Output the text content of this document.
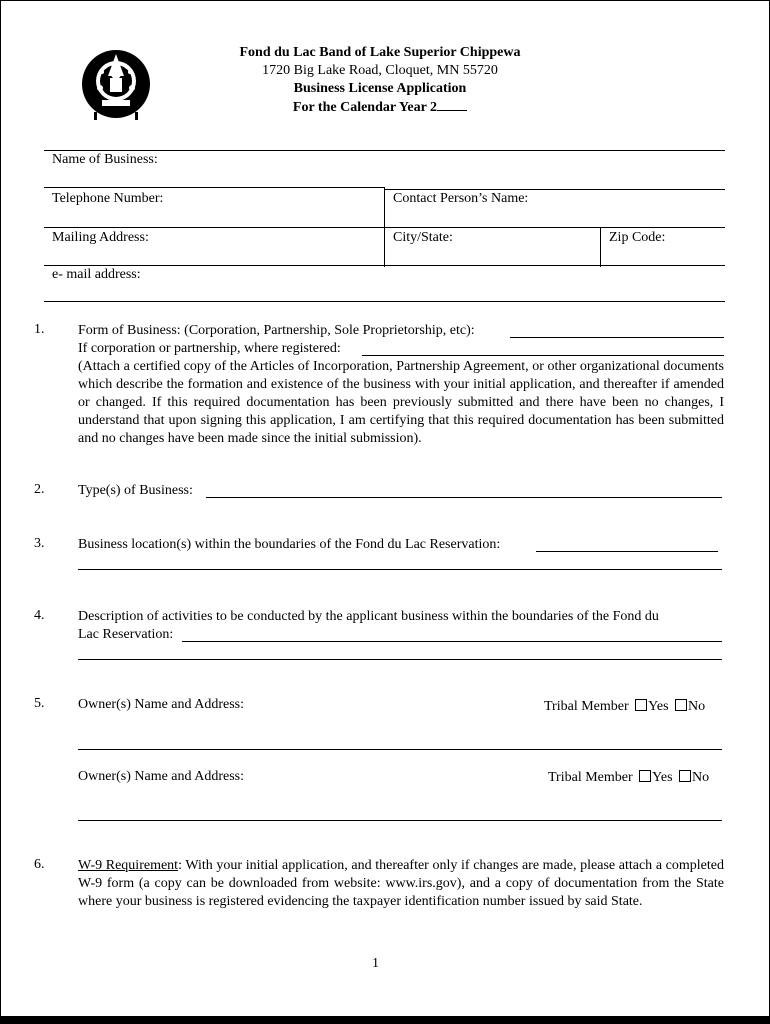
Fond du Lac Band of Lake Superior Chippewa
1720 Big Lake Road, Cloquet, MN 55720
Business License Application
For the Calendar Year 2
Name of Business:
Telephone Number:	Contact Person’s Name:
Mailing Address:	City/State:	Zip Code:
e- mail address:
1. Form of Business: (Corporation, Partnership, Sole Proprietorship, etc):
If corporation or partnership, where registered:
(Attach a certified copy of the Articles of Incorporation, Partnership Agreement, or other organizational documents which describe the formation and existence of the business with your initial application, and thereafter if amended or changed. If this required documentation has been previously submitted and there have been no changes, I understand that upon signing this application, I am certifying that this required documentation has been submitted and no changes have been made since the initial submission).
2. Type(s) of Business:
3. Business location(s) within the boundaries of the Fond du Lac Reservation:
4. Description of activities to be conducted by the applicant business within the boundaries of the Fond du
Lac Reservation:
5. Owner(s) Name and Address:	Tribal Member Yes No
Owner(s) Name and Address:	Tribal Member Yes No
6. W-9 Requirement: With your initial application, and thereafter only if changes are made, please attach a completed W-9 form (a copy can be downloaded from website: www.irs.gov), and a copy of documentation from the State where your business is registered evidencing the taxpayer identification number issued by said State.
1
